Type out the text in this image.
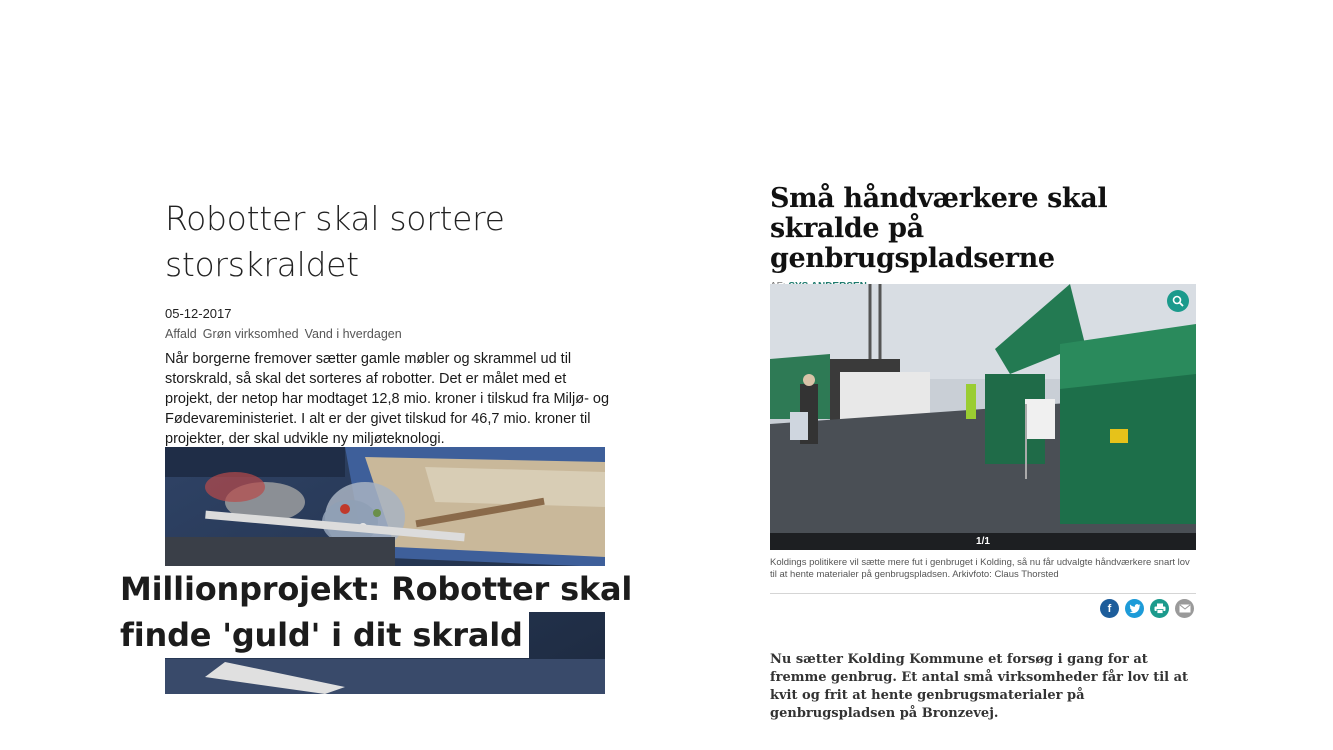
Robotter skal sortere
storskraldet
05-12-2017
Affald Grøn virksomhed Vand i hverdagen

Når borgerne fremover sætter gamle møbler og skrammel ud til storskrald, så skal det sorteres af robotter. Det er målet med et projekt, der netop har modtaget 12,8 mio. kroner i tilskud fra Miljø- og Fødevareministeriet. I alt er der givet tilskud for 46,7 mio. kroner til projekter, der skal udvikle ny miljøteknologi.

Millionprojekt: Robotter skal
finde 'guld' i dit skrald
Små håndværkere skal skralde på genbrugspladserne
1/1
Koldings politikere vil sætte mere fut i genbruget i Kolding, så nu får udvalgte håndværkere snart lov til at hente materialer på genbrugspladsen. Arkivfoto: Claus Thorsted
f

Nu sætter Kolding Kommune et forsøg i gang for at fremme genbrug. Et antal små virksomheder får lov til at kvit og frit at hente genbrugsmaterialer på genbrugspladsen på Bronzevej.
